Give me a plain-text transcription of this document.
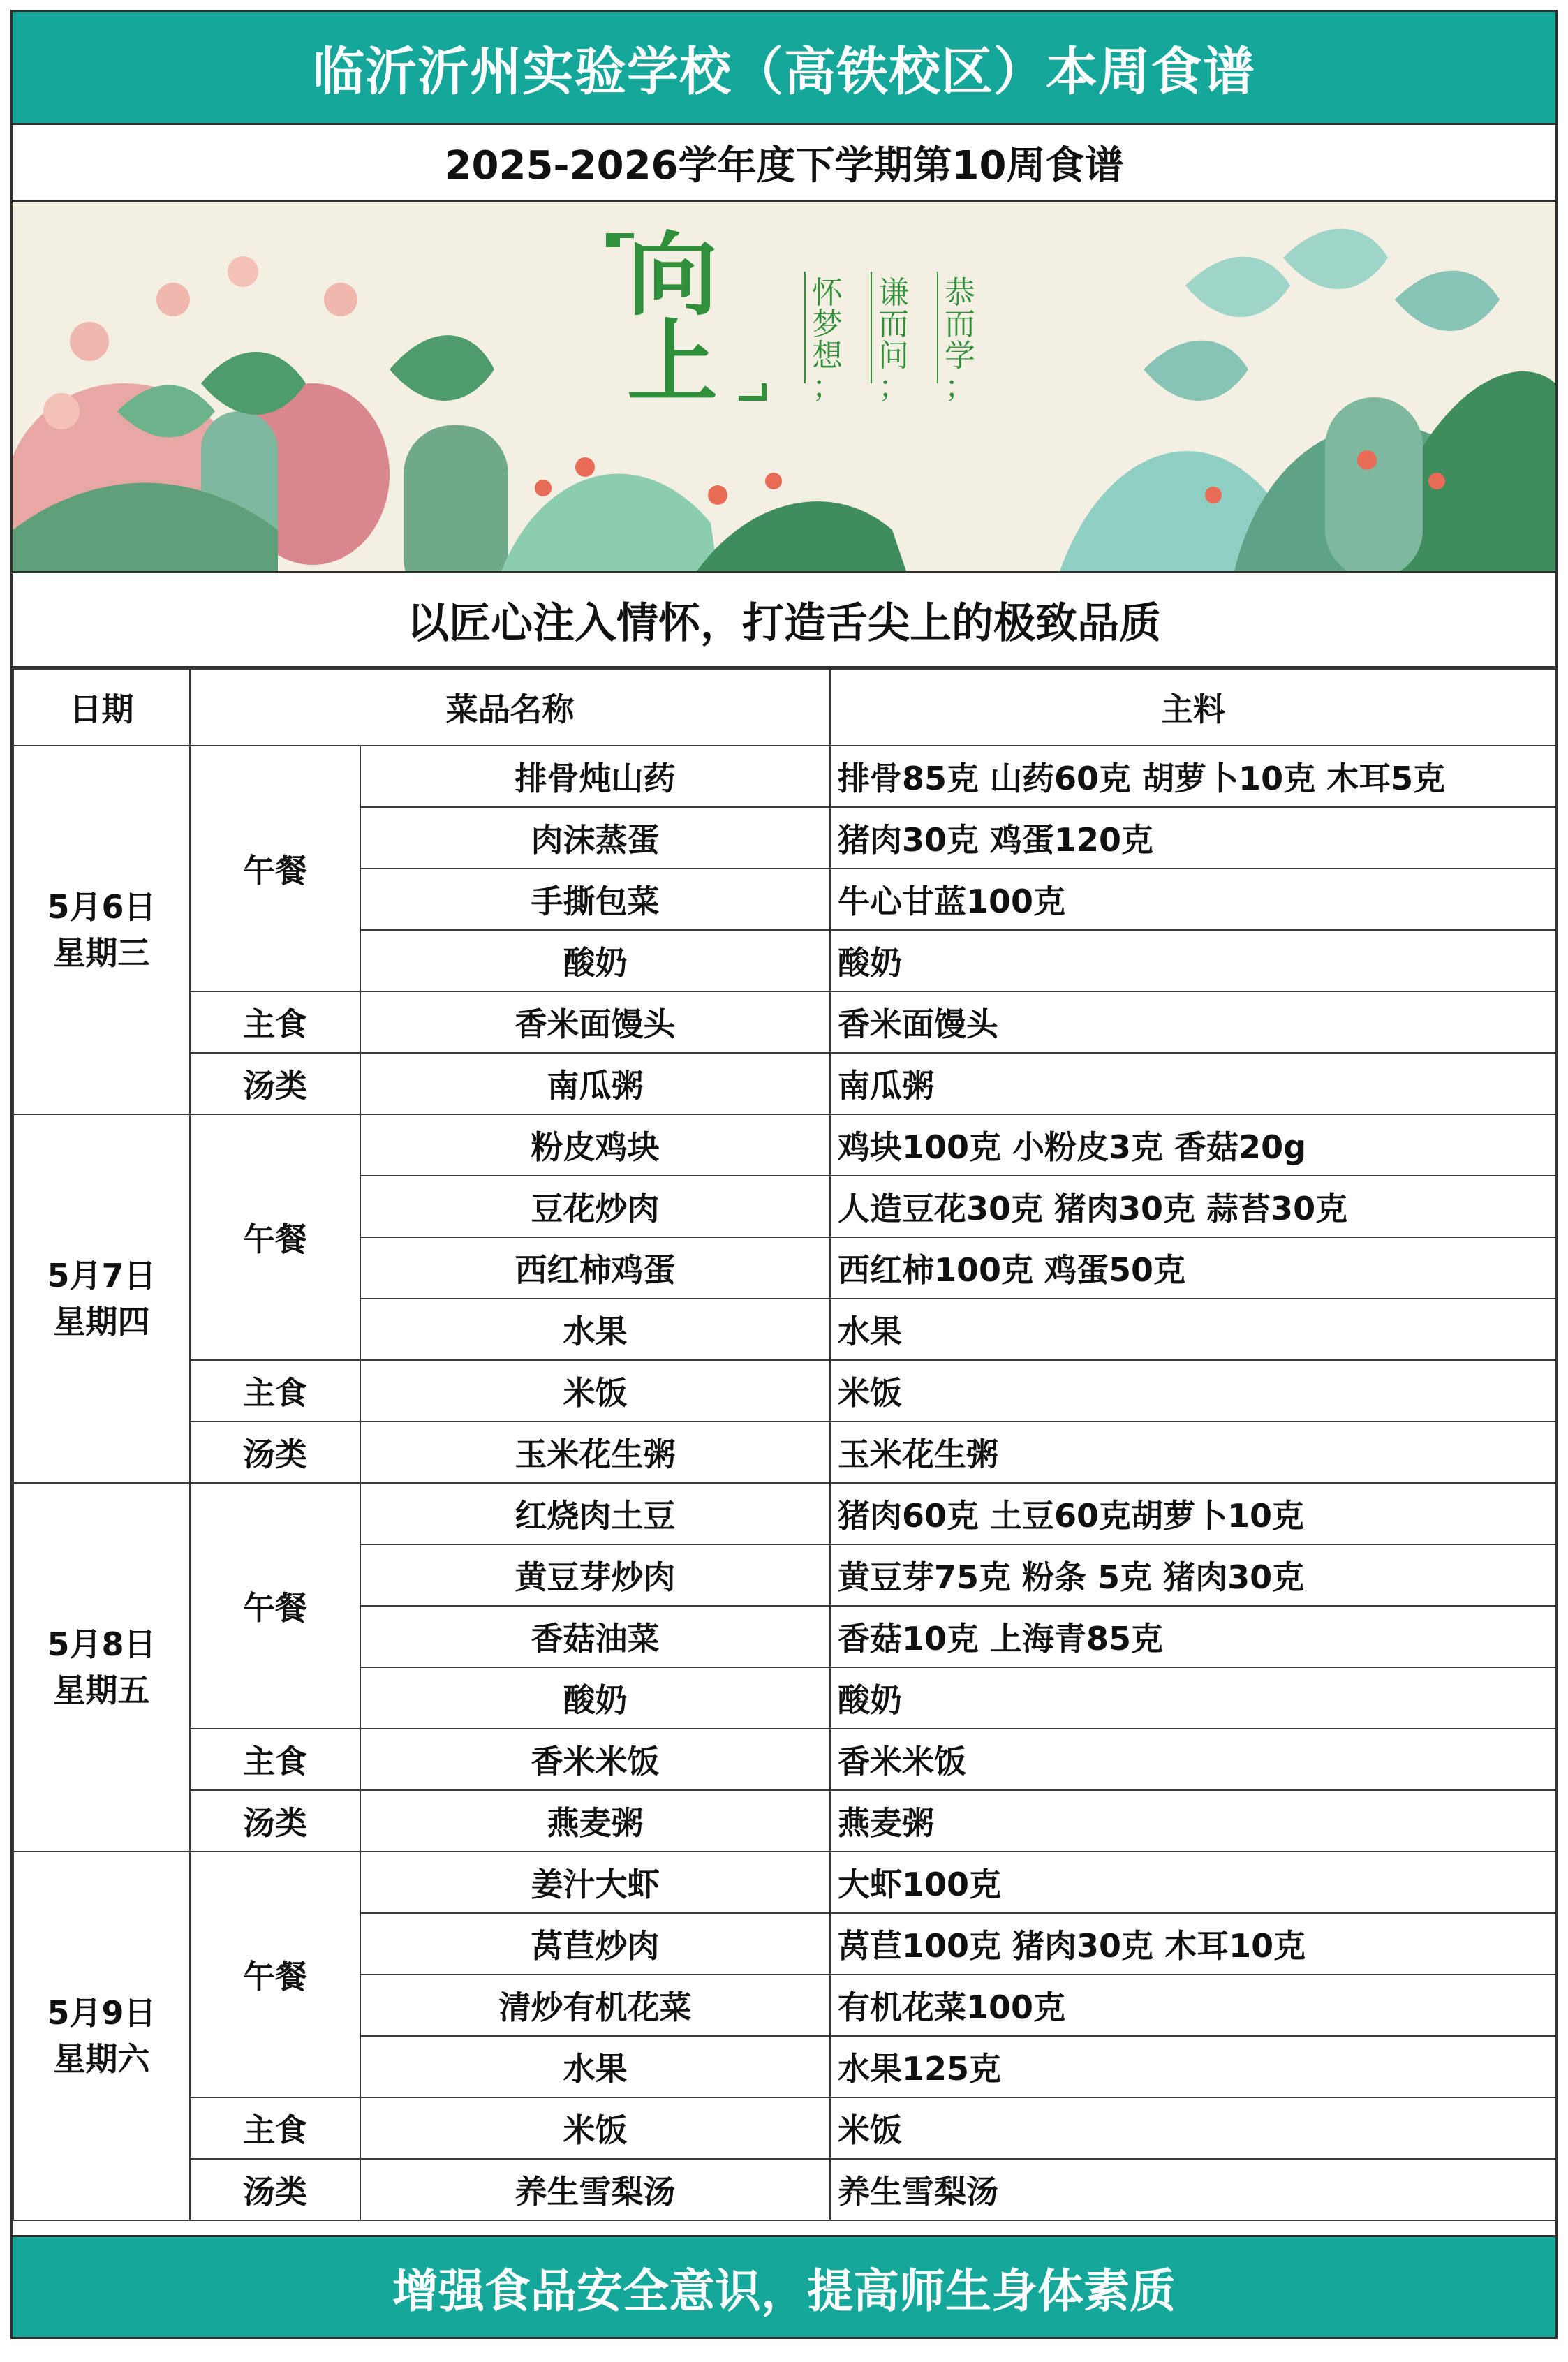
临沂沂州实验学校（高铁校区）本周食谱
2025-2026学年度下学期第10周食谱
向
上
恭
而
学
；
谦
而
问
；
怀
梦
想
；
以匠心注入情怀，打造舌尖上的极致品质
日期	菜品名称		主料

5月6日
星期三	午餐	排骨炖山药	排骨85克 山药60克 胡萝卜10克 木耳5克
		肉沫蒸蛋	猪肉30克 鸡蛋120克
		手撕包菜	牛心甘蓝100克
		酸奶	酸奶
	主食	香米面馒头	香米面馒头
	汤类	南瓜粥	南瓜粥

5月7日
星期四	午餐	粉皮鸡块	鸡块100克 小粉皮3克 香菇20g
		豆花炒肉	人造豆花30克 猪肉30克 蒜苔30克
		西红柿鸡蛋	西红柿100克 鸡蛋50克
		水果	水果
	主食	米饭	米饭
	汤类	玉米花生粥	玉米花生粥

5月8日
星期五	午餐	红烧肉土豆	猪肉60克 土豆60克胡萝卜10克
		黄豆芽炒肉	黄豆芽75克 粉条 5克 猪肉30克
		香菇油菜	香菇10克 上海青85克
		酸奶	酸奶
	主食	香米米饭	香米米饭
	汤类	燕麦粥	燕麦粥

5月9日
星期六	午餐	姜汁大虾	大虾100克
		莴苣炒肉	莴苣100克 猪肉30克 木耳10克
		清炒有机花菜	有机花菜100克
		水果	水果125克
	主食	米饭	米饭
	汤类	养生雪梨汤	养生雪梨汤
增强食品安全意识，提高师生身体素质
